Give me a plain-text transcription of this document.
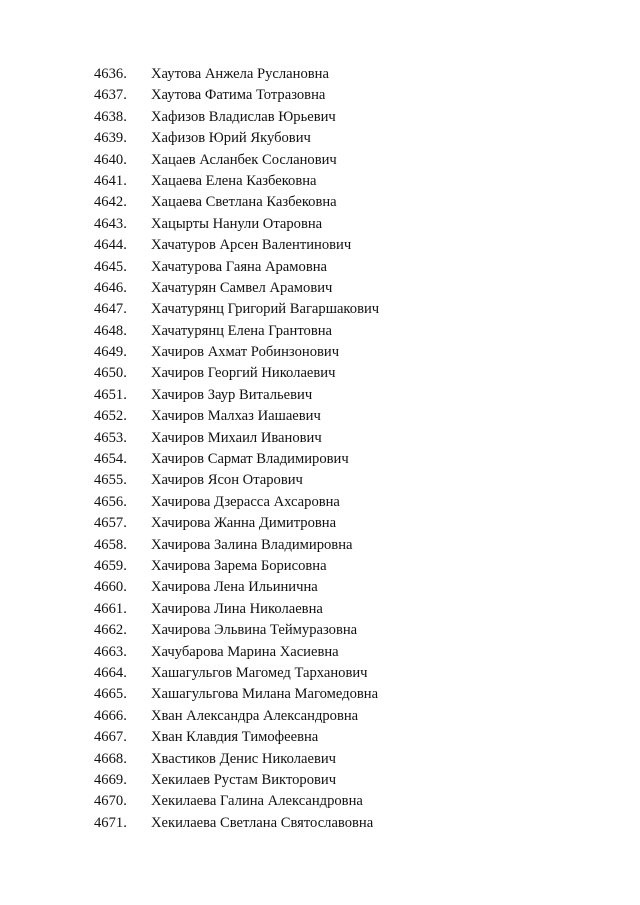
4636.	Хаутова Анжела Руслановна
4637.	Хаутова Фатима Тотразовна
4638.	Хафизов Владислав Юрьевич
4639.	Хафизов Юрий Якубович
4640.	Хацаев Асланбек Сосланович
4641.	Хацаева Елена Казбековна
4642.	Хацаева Светлана Казбековна
4643.	Хацырты Нанули Отаровна
4644.	Хачатуров Арсен Валентинович
4645.	Хачатурова Гаяна Арамовна
4646.	Хачатурян Самвел Арамович
4647.	Хачатурянц Григорий Вагаршакович
4648.	Хачатурянц Елена Грантовна
4649.	Хачиров Ахмат Робинзонович
4650.	Хачиров Георгий Николаевич
4651.	Хачиров Заур Витальевич
4652.	Хачиров Малхаз Иашаевич
4653.	Хачиров Михаил Иванович
4654.	Хачиров Сармат Владимирович
4655.	Хачиров Ясон Отарович
4656.	Хачирова Дзерасса Ахсаровна
4657.	Хачирова Жанна Димитровна
4658.	Хачирова Залина Владимировна
4659.	Хачирова Зарема Борисовна
4660.	Хачирова Лена Ильинична
4661.	Хачирова Лина Николаевна
4662.	Хачирова Эльвина Теймуразовна
4663.	Хачубарова Марина Хасиевна
4664.	Хашагульгов Магомед Тарханович
4665.	Хашагульгова Милана Магомедовна
4666.	Хван Александра Александровна
4667.	Хван Клавдия Тимофеевна
4668.	Хвастиков Денис Николаевич
4669.	Хекилаев Рустам Викторович
4670.	Хекилаева Галина Александровна
4671.	Хекилаева Светлана Святославовна
